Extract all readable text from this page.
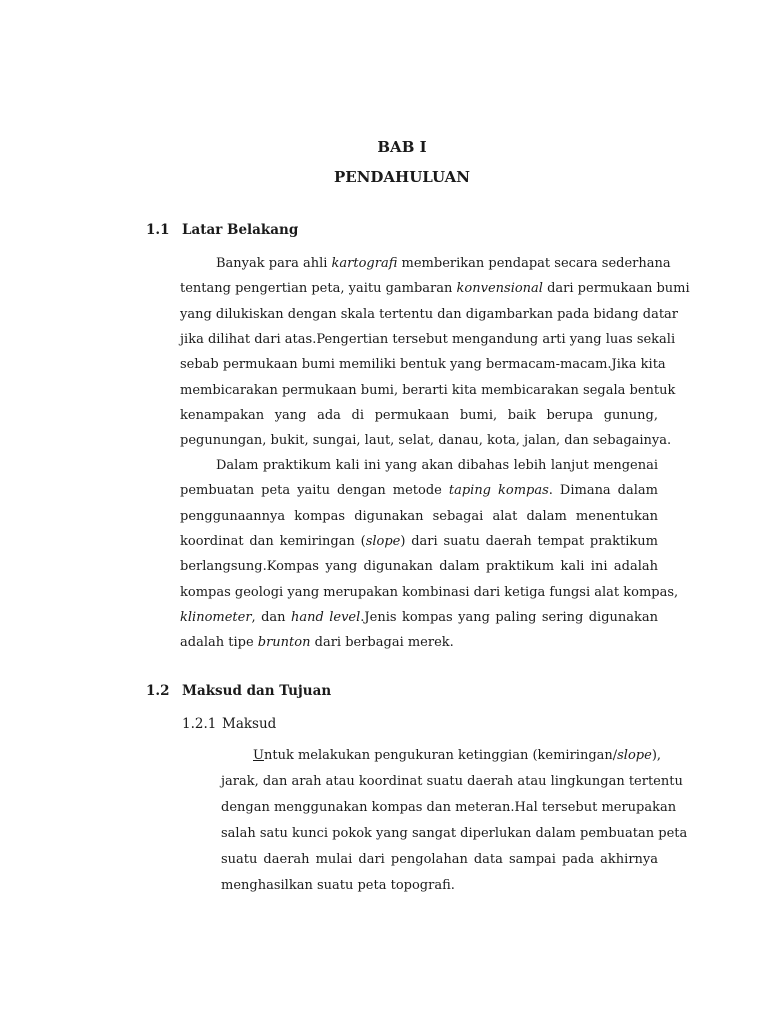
BAB I
PENDAHULUAN
1.1 Latar Belakang
Banyak para ahli kartografi memberikan pendapat secara sederhana
tentang pengertian peta, yaitu gambaran konvensional dari permukaan bumi
yang dilukiskan dengan skala tertentu dan digambarkan pada bidang datar
jika dilihat dari atas.Pengertian tersebut mengandung arti yang luas sekali
sebab permukaan bumi memiliki bentuk yang bermacam-macam.Jika kita
membicarakan permukaan bumi, berarti kita membicarakan segala bentuk
kenampakan yang ada di permukaan bumi, baik berupa gunung,
pegunungan, bukit, sungai, laut, selat, danau, kota, jalan, dan sebagainya.
Dalam praktikum kali ini yang akan dibahas lebih lanjut mengenai
pembuatan peta yaitu dengan metode taping kompas. Dimana dalam
penggunaannya kompas digunakan sebagai alat dalam menentukan
koordinat dan kemiringan (slope) dari suatu daerah tempat praktikum
berlangsung.Kompas yang digunakan dalam praktikum kali ini adalah
kompas geologi yang merupakan kombinasi dari ketiga fungsi alat kompas,
klinometer, dan hand level.Jenis kompas yang paling sering digunakan
adalah tipe brunton dari berbagai merek.
1.2 Maksud dan Tujuan
1.2.1 Maksud
Untuk melakukan pengukuran ketinggian (kemiringan/slope),
jarak, dan arah atau koordinat suatu daerah atau lingkungan tertentu
dengan menggunakan kompas dan meteran.Hal tersebut merupakan
salah satu kunci pokok yang sangat diperlukan dalam pembuatan peta
suatu daerah mulai dari pengolahan data sampai pada akhirnya
menghasilkan suatu peta topografi.
